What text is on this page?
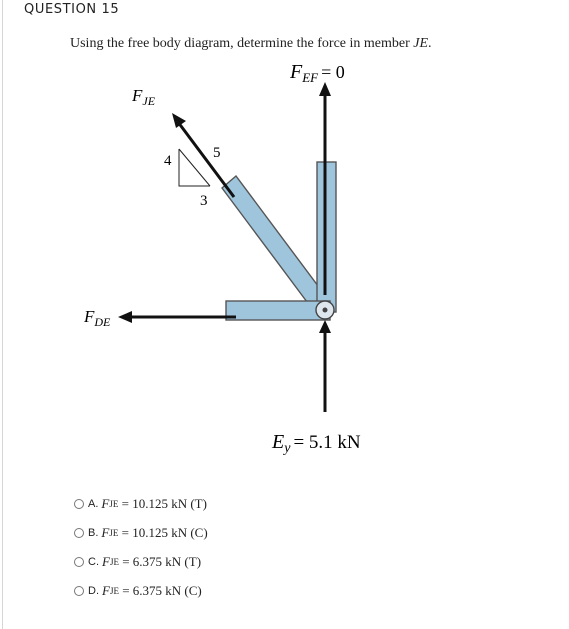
QUESTION 15
Using the free body diagram, determine the force in member JE.
$F_{EF} = 0$
$F_{JE}$
$F_{DE}$
$E_y = 5.1$ kN
4
3
5
A. F JE = 10.125 kN (T)
B. F JE = 10.125 kN (C)
C. F JE = 6.375 kN (T)
D. F JE = 6.375 kN (C)
